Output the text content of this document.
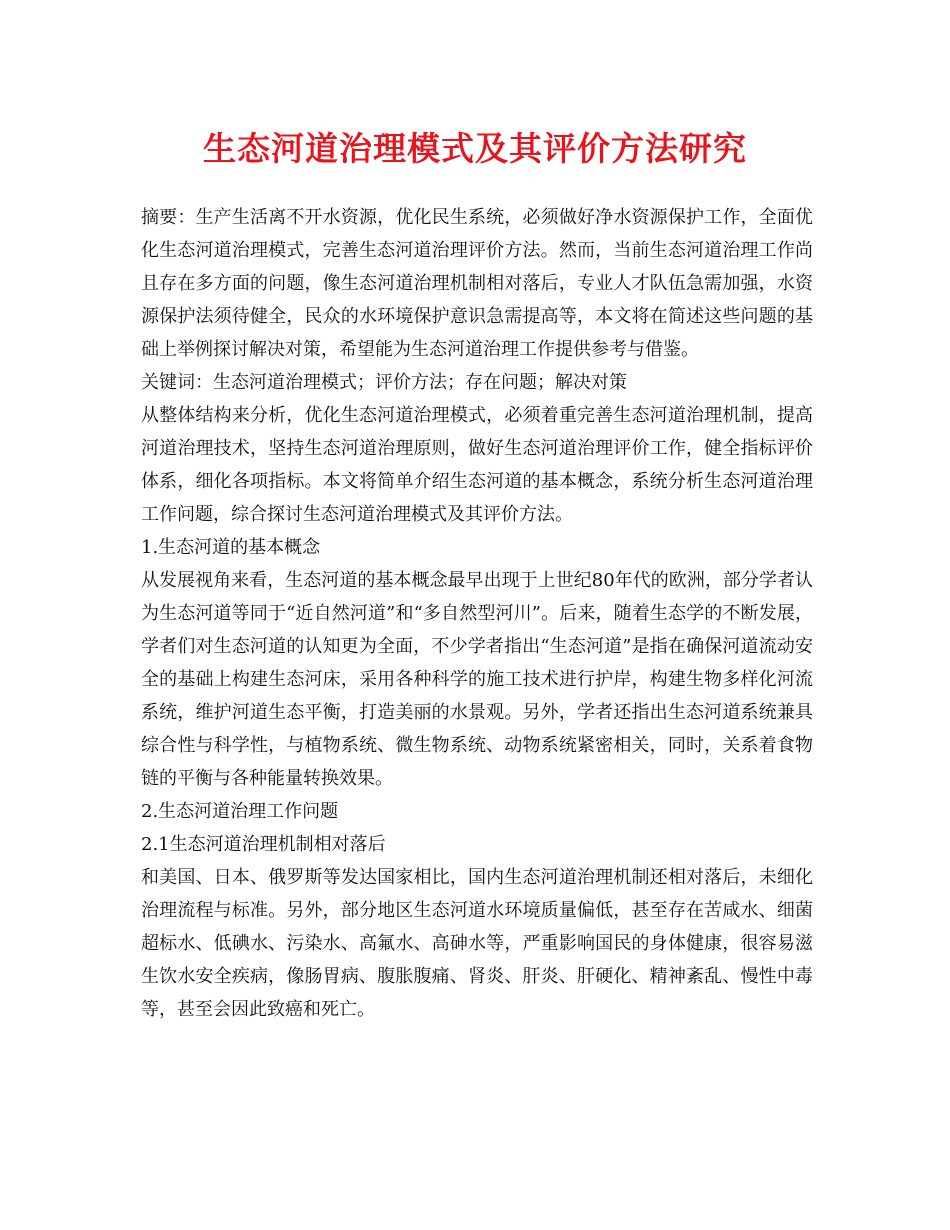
生态河道治理模式及其评价方法研究

摘要：生产生活离不开水资源，优化民生系统，必须做好净水资源保护工作，全面优化生态河道治理模式，完善生态河道治理评价方法。然而，当前生态河道治理工作尚且存在多方面的问题，像生态河道治理机制相对落后，专业人才队伍急需加强，水资源保护法须待健全，民众的水环境保护意识急需提高等，本文将在简述这些问题的基础上举例探讨解决对策，希望能为生态河道治理工作提供参考与借鉴。

关键词：生态河道治理模式；评价方法；存在问题；解决对策

从整体结构来分析，优化生态河道治理模式，必须着重完善生态河道治理机制，提高河道治理技术，坚持生态河道治理原则，做好生态河道治理评价工作，健全指标评价体系，细化各项指标。本文将简单介绍生态河道的基本概念，系统分析生态河道治理工作问题，综合探讨生态河道治理模式及其评价方法。

1.生态河道的基本概念

从发展视角来看，生态河道的基本概念最早出现于上世纪80年代的欧洲，部分学者认为生态河道等同于“近自然河道”和“多自然型河川”。后来，随着生态学的不断发展，学者们对生态河道的认知更为全面，不少学者指出“生态河道”是指在确保河道流动安全的基础上构建生态河床，采用各种科学的施工技术进行护岸，构建生物多样化河流系统，维护河道生态平衡，打造美丽的水景观。另外，学者还指出生态河道系统兼具综合性与科学性，与植物系统、微生物系统、动物系统紧密相关，同时，关系着食物链的平衡与各种能量转换效果。

2.生态河道治理工作问题

2.1生态河道治理机制相对落后

和美国、日本、俄罗斯等发达国家相比，国内生态河道治理机制还相对落后，未细化治理流程与标准。另外，部分地区生态河道水环境质量偏低，甚至存在苦咸水、细菌超标水、低碘水、污染水、高氟水、高砷水等，严重影响国民的身体健康，很容易滋生饮水安全疾病，像肠胃病、腹胀腹痛、肾炎、肝炎、肝硬化、精神紊乱、慢性中毒等，甚至会因此致癌和死亡。
